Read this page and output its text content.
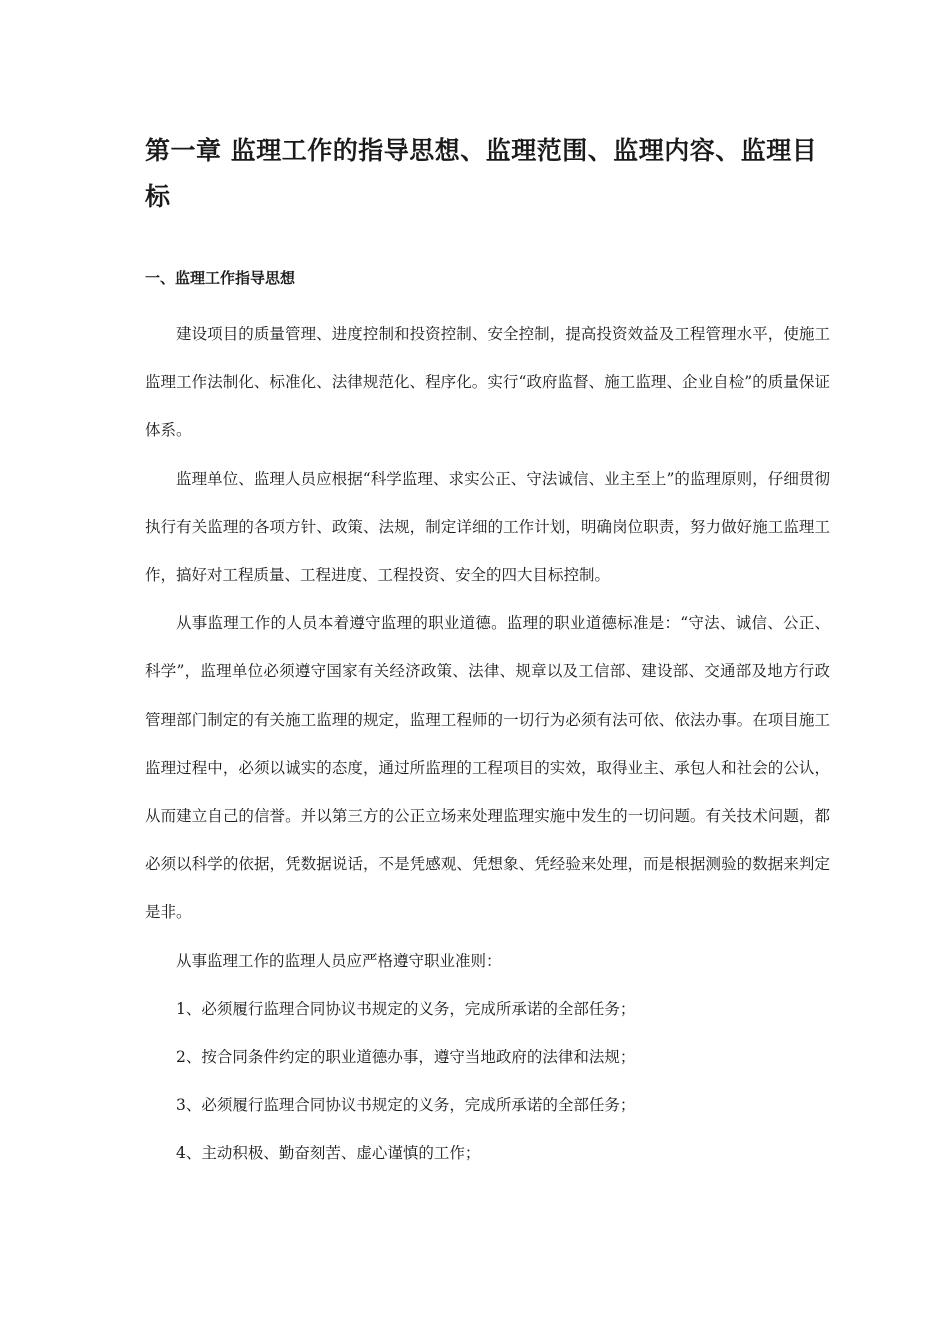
第一章 监理工作的指导思想、监理范围、监理内容、监理目标
一、监理工作指导思想

建设项目的质量管理、进度控制和投资控制、安全控制，提高投资效益及工程管理水平，使施工监理工作法制化、标准化、法律规范化、程序化。实行“政府监督、施工监理、企业自检”的质量保证体系。

监理单位、监理人员应根据“科学监理、求实公正、守法诚信、业主至上”的监理原则，仔细贯彻执行有关监理的各项方针、政策、法规，制定详细的工作计划，明确岗位职责，努力做好施工监理工作，搞好对工程质量、工程进度、工程投资、安全的四大目标控制。

从事监理工作的人员本着遵守监理的职业道德。监理的职业道德标准是：“守法、诚信、公正、科学”，监理单位必须遵守国家有关经济政策、法律、规章以及工信部、建设部、交通部及地方行政管理部门制定的有关施工监理的规定，监理工程师的一切行为必须有法可依、依法办事。在项目施工监理过程中，必须以诚实的态度，通过所监理的工程项目的实效，取得业主、承包人和社会的公认，从而建立自己的信誉。并以第三方的公正立场来处理监理实施中发生的一切问题。有关技术问题，都必须以科学的依据，凭数据说话，不是凭感观、凭想象、凭经验来处理，而是根据测验的数据来判定是非。

从事监理工作的监理人员应严格遵守职业准则：

1、必须履行监理合同协议书规定的义务，完成所承诺的全部任务；

2、按合同条件约定的职业道德办事，遵守当地政府的法律和法规；

3、必须履行监理合同协议书规定的义务，完成所承诺的全部任务；

4、主动积极、勤奋刻苦、虚心谨慎的工作；
